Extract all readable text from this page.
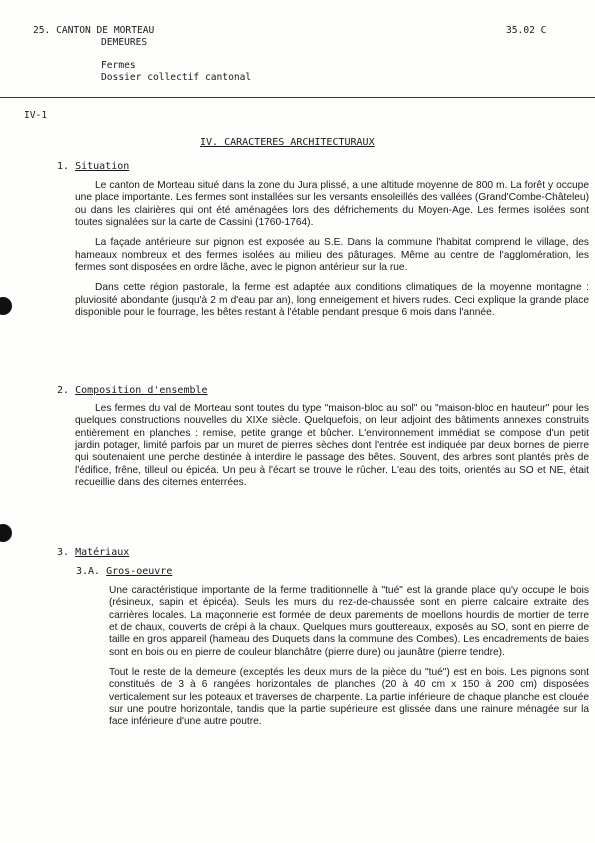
25. CANTON DE MORTEAU
DEMEURES
35.02 C
Fermes
Dossier collectif cantonal
IV-1
IV. CARACTERES ARCHITECTURAUX
1. Situation

Le canton de Morteau situé dans la zone du Jura plissé, a une altitude moyenne de 800 m. La forêt y occupe une place importante. Les fermes sont installées sur les versants ensoleillés des vallées (Grand'Combe-Châteleu) ou dans les clairières qui ont été aménagées lors des défrichements du Moyen-Age. Les fermes isolées sont toutes signalées sur la carte de Cassini (1760-1764).

La façade antérieure sur pignon est exposée au S.E. Dans la commune l'habitat comprend le village, des hameaux nombreux et des fermes isolées au milieu des pâturages. Même au centre de l'agglomération, les fermes sont disposées en ordre lâche, avec le pignon antérieur sur la rue.

Dans cette région pastorale, la ferme est adaptée aux conditions climatiques de la moyenne montagne : pluviosité abondante (jusqu'à 2 m d'eau par an), long enneigement et hivers rudes. Ceci explique la grande place disponible pour le fourrage, les bêtes restant à l'étable pendant presque 6 mois dans l'année.

2. Composition d'ensemble

Les fermes du val de Morteau sont toutes du type "maison-bloc au sol" ou "maison-bloc en hauteur" pour les quelques constructions nouvelles du XIXe siècle. Quelquefois, on leur adjoint des bâtiments annexes construits entièrement en planches : remise, petite grange et bûcher. L'environnement immédiat se compose d'un petit jardin potager, limité parfois par un muret de pierres sèches dont l'entrée est indiquée par deux bornes de pierre qui soutenaient une perche destinée à interdire le passage des bêtes. Souvent, des arbres sont plantés près de l'édifice, frêne, tilleul ou épicéa. Un peu à l'écart se trouve le rûcher. L'eau des toits, orientés au SO et NE, était recueillie dans des citernes enterrées.

3. Matériaux
3.A. Gros-oeuvre

Une caractéristique importante de la ferme traditionnelle à "tué" est la grande place qu'y occupe le bois (résineux, sapin et épicéa). Seuls les murs du rez-de-chaussée sont en pierre calcaire extraite des carrières locales. La maçonnerie est formée de deux parements de moellons hourdis de mortier de terre et de chaux, couverts de crépi à la chaux. Quelques murs gouttereaux, exposés au SO, sont en pierre de taille en gros appareil (hameau des Duquets dans la commune des Combes). Les encadrements de baies sont en bois ou en pierre de couleur blanchâtre (pierre dure) ou jaunâtre (pierre tendre).

Tout le reste de la demeure (exceptés les deux murs de la pièce du "tué") est en bois. Les pignons sont constitués de 3 à 6 rangées horizontales de planches (20 à 40 cm x 150 à 200 cm) disposées verticalement sur les poteaux et traverses de charpente. La partie inférieure de chaque planche est clouée sur une poutre horizontale, tandis que la partie supérieure est glissée dans une rainure ménagée sur la face inférieure d'une autre poutre.
